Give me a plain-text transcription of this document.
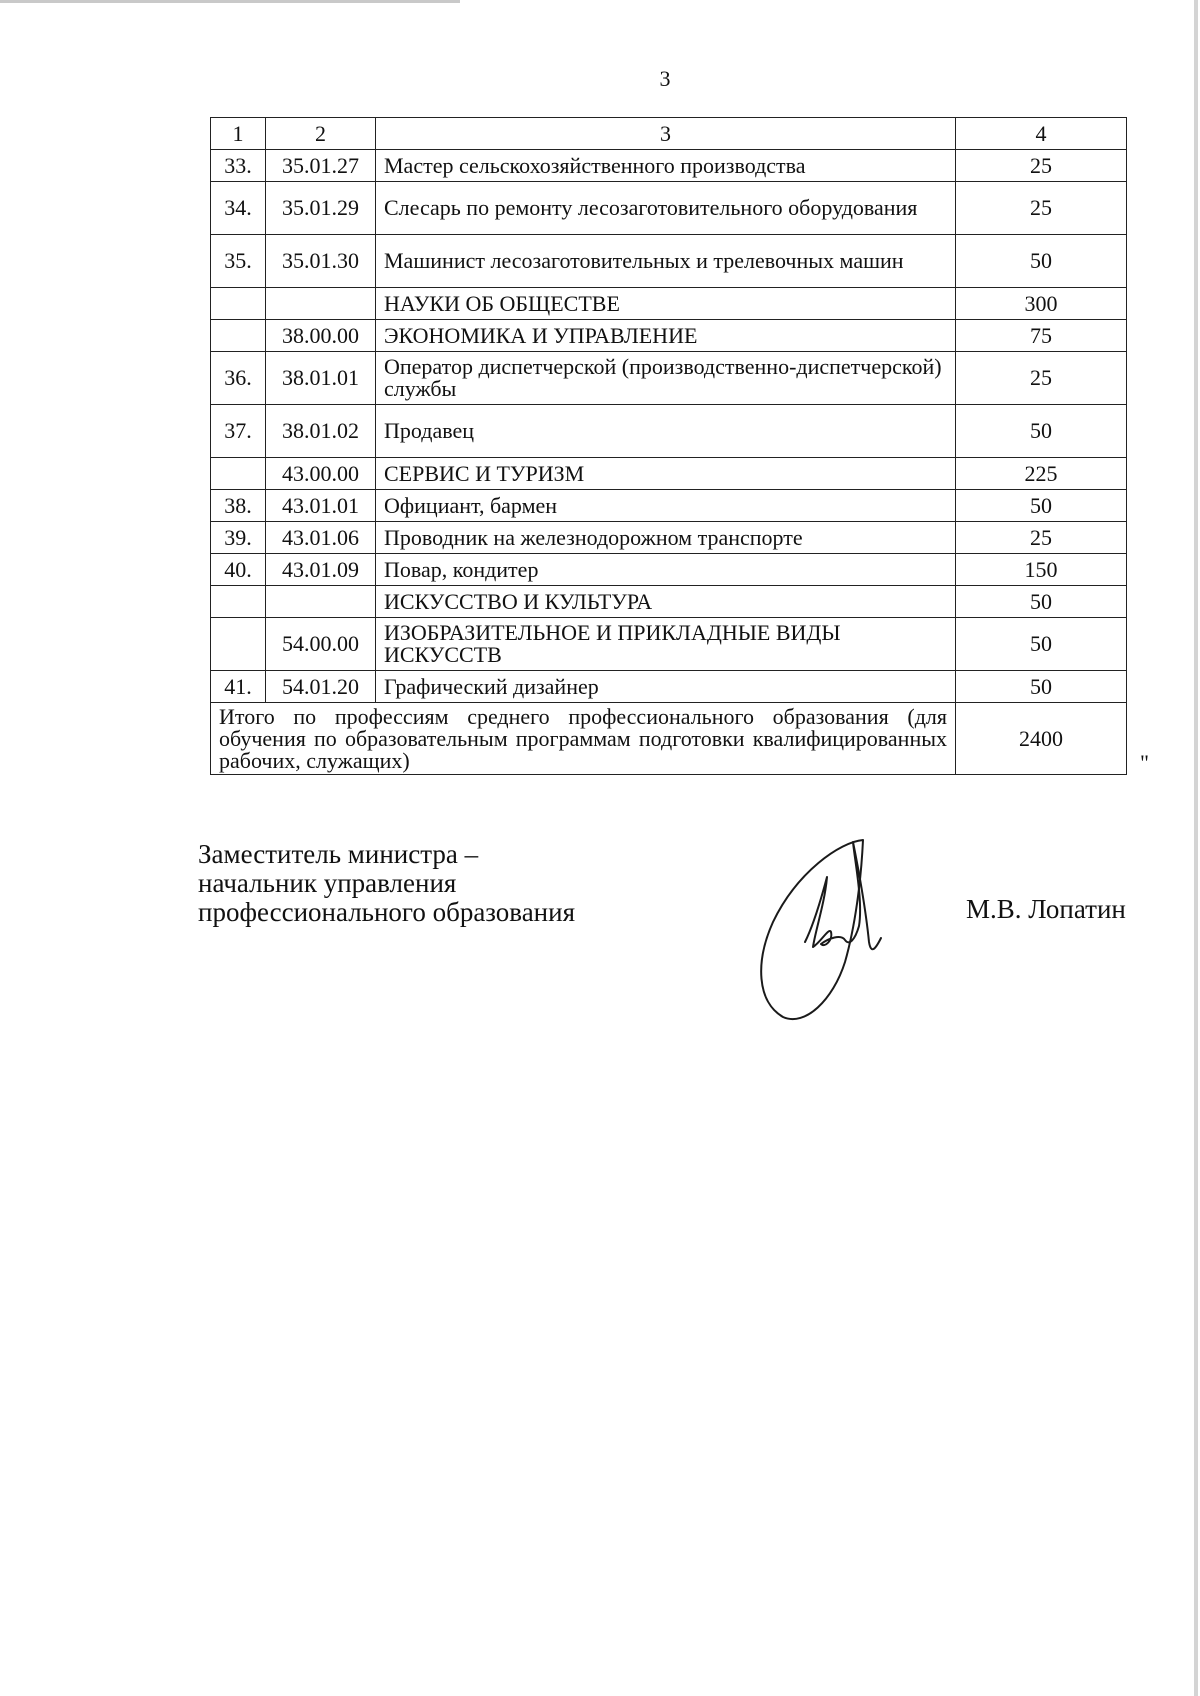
3
1	2	3	4
33.	35.01.27	Мастер сельскохозяйственного производства	25
34.	35.01.29	Слесарь по ремонту лесозаготовительного оборудования	25
35.	35.01.30	Машинист лесозаготовительных и трелевочных машин	50
		НАУКИ ОБ ОБЩЕСТВЕ	300
	38.00.00	ЭКОНОМИКА И УПРАВЛЕНИЕ	75
36.	38.01.01	Оператор диспетчерской (производственно-диспетчерской) службы	25
37.	38.01.02	Продавец	50
	43.00.00	СЕРВИС И ТУРИЗМ	225
38.	43.01.01	Официант, бармен	50
39.	43.01.06	Проводник на железнодорожном транспорте	25
40.	43.01.09	Повар, кондитер	150
		ИСКУССТВО И КУЛЬТУРА	50
	54.00.00	ИЗОБРАЗИТЕЛЬНОЕ И ПРИКЛАДНЫЕ ВИДЫ ИСКУССТВ	50
41.	54.01.20	Графический дизайнер	50
Итого по профессиям среднего профессионального образования (для обучения по образовательным программам подготовки квалифицированных рабочих, служащих)			2400
"
Заместитель министра –
начальник управления
профессионального образования	М.В. Лопатин
